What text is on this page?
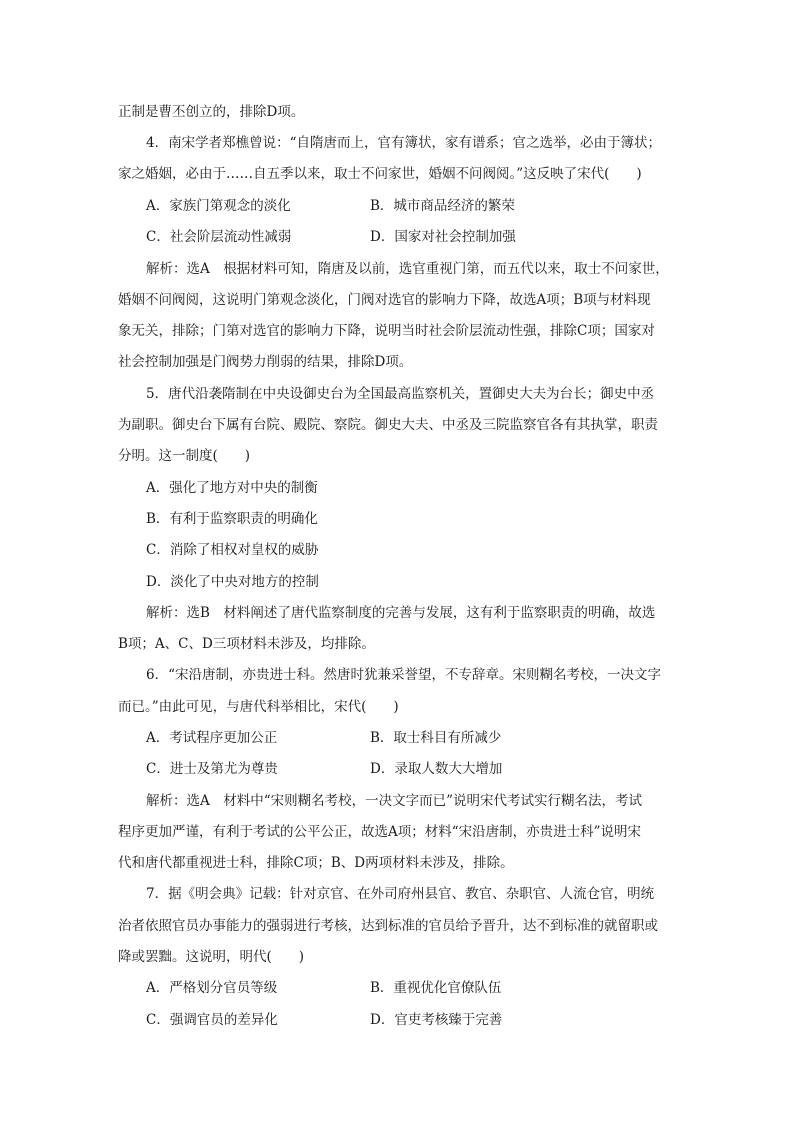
正制是曹丕创立的，排除D项。
4．南宋学者郑樵曾说：“自隋唐而上，官有簿状，家有谱系；官之选举，必由于簿状；
家之婚姻，必由于……自五季以来，取士不问家世，婚姻不问阀阅。”这反映了宋代(　　)
A．家族门第观念的淡化	B．城市商品经济的繁荣
C．社会阶层流动性减弱	D．国家对社会控制加强
解析：选A　根据材料可知，隋唐及以前，选官重视门第，而五代以来，取士不问家世，
婚姻不问阀阅，这说明门第观念淡化，门阀对选官的影响力下降，故选A项；B项与材料现
象无关，排除；门第对选官的影响力下降，说明当时社会阶层流动性强，排除C项；国家对
社会控制加强是门阀势力削弱的结果，排除D项。
5．唐代沿袭隋制在中央设御史台为全国最高监察机关，置御史大夫为台长；御史中丞
为副职。御史台下属有台院、殿院、察院。御史大夫、中丞及三院监察官各有其执掌，职责
分明。这一制度(　　)
A．强化了地方对中央的制衡
B．有利于监察职责的明确化
C．消除了相权对皇权的威胁
D．淡化了中央对地方的控制
解析：选B　材料阐述了唐代监察制度的完善与发展，这有利于监察职责的明确，故选
B项；A、C、D三项材料未涉及，均排除。
6．“宋沿唐制，亦贵进士科。然唐时犹兼采誉望，不专辞章。宋则糊名考校，一决文字
而已。”由此可见，与唐代科举相比，宋代(　　)
A．考试程序更加公正	B．取士科目有所减少
C．进士及第尤为尊贵	D．录取人数大大增加
解析：选A　材料中“宋则糊名考校，一决文字而已”说明宋代考试实行糊名法，考试
程序更加严谨，有利于考试的公平公正，故选A项；材料“宋沿唐制，亦贵进士科”说明宋
代和唐代都重视进士科，排除C项；B、D两项材料未涉及，排除。
7．据《明会典》记载：针对京官、在外司府州县官、教官、杂职官、人流仓官，明统
治者依照官员办事能力的强弱进行考核，达到标准的官员给予晋升，达不到标准的就留职或
降或罢黜。这说明，明代(　　)
A．严格划分官员等级	B．重视优化官僚队伍
C．强调官员的差异化	D．官吏考核臻于完善
